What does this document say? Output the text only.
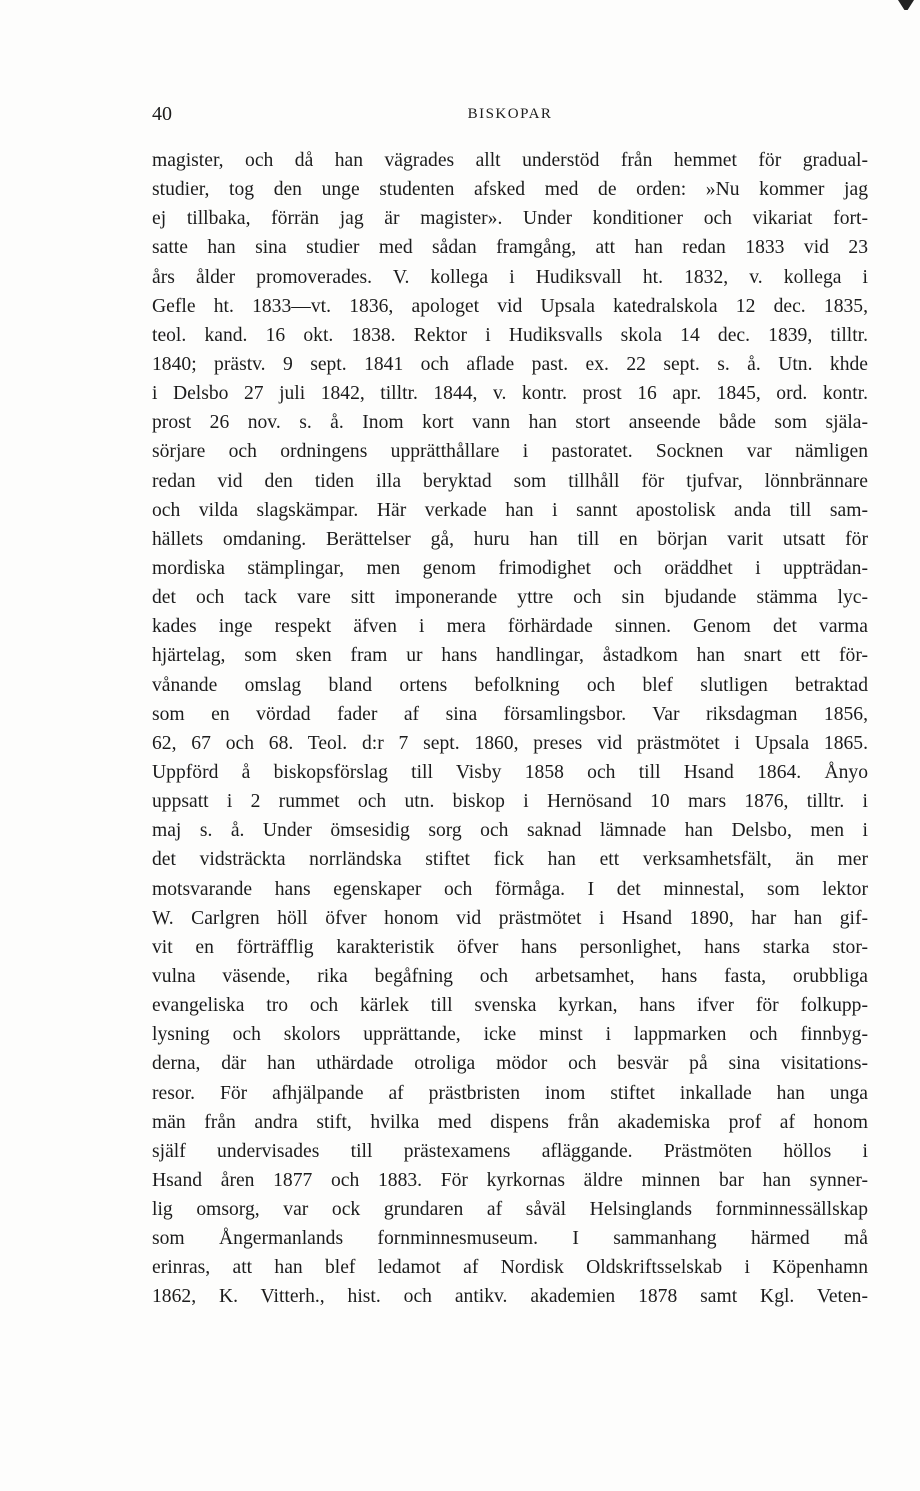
40	BISKOPAR
magister, och då han vägrades allt understöd från hemmet för gradual-
studier, tog den unge studenten afsked med de orden: »Nu kommer jag
ej tillbaka, förrän jag är magister». Under konditioner och vikariat fort-
satte han sina studier med sådan framgång, att han redan 1833 vid 23
års ålder promoverades. V. kollega i Hudiksvall ht. 1832, v. kollega i
Gefle ht. 1833—vt. 1836, apologet vid Upsala katedralskola 12 dec. 1835,
teol. kand. 16 okt. 1838. Rektor i Hudiksvalls skola 14 dec. 1839, tilltr.
1840; prästv. 9 sept. 1841 och aflade past. ex. 22 sept. s. å. Utn. khde
i Delsbo 27 juli 1842, tilltr. 1844, v. kontr. prost 16 apr. 1845, ord. kontr.
prost 26 nov. s. å. Inom kort vann han stort anseende både som själa-
sörjare och ordningens upprätthållare i pastoratet. Socknen var nämligen
redan vid den tiden illa beryktad som tillhåll för tjufvar, lönnbrännare
och vilda slagskämpar. Här verkade han i sannt apostolisk anda till sam-
hällets omdaning. Berättelser gå, huru han till en början varit utsatt för
mordiska stämplingar, men genom frimodighet och oräddhet i uppträdan-
det och tack vare sitt imponerande yttre och sin bjudande stämma lyc-
kades inge respekt äfven i mera förhärdade sinnen. Genom det varma
hjärtelag, som sken fram ur hans handlingar, åstadkom han snart ett för-
vånande omslag bland ortens befolkning och blef slutligen betraktad
som en vördad fader af sina församlingsbor. Var riksdagman 1856,
62, 67 och 68. Teol. d:r 7 sept. 1860, preses vid prästmötet i Upsala 1865.
Uppförd å biskopsförslag till Visby 1858 och till Hsand 1864. Ånyo
uppsatt i 2 rummet och utn. biskop i Hernösand 10 mars 1876, tilltr. i
maj s. å. Under ömsesidig sorg och saknad lämnade han Delsbo, men i
det vidsträckta norrländska stiftet fick han ett verksamhetsfält, än mer
motsvarande hans egenskaper och förmåga. I det minnestal, som lektor
W. Carlgren höll öfver honom vid prästmötet i Hsand 1890, har han gif-
vit en förträfflig karakteristik öfver hans personlighet, hans starka stor-
vulna väsende, rika begåfning och arbetsamhet, hans fasta, orubbliga
evangeliska tro och kärlek till svenska kyrkan, hans ifver för folkupp-
lysning och skolors upprättande, icke minst i lappmarken och finnbyg-
derna, där han uthärdade otroliga mödor och besvär på sina visitations-
resor. För afhjälpande af prästbristen inom stiftet inkallade han unga
män från andra stift, hvilka med dispens från akademiska prof af honom
själf undervisades till prästexamens afläggande. Prästmöten höllos i
Hsand åren 1877 och 1883. För kyrkornas äldre minnen bar han synner-
lig omsorg, var ock grundaren af såväl Helsinglands fornminnessällskap
som Ångermanlands fornminnesmuseum. I sammanhang härmed må
erinras, att han blef ledamot af Nordisk Oldskriftsselskab i Köpenhamn
1862, K. Vitterh., hist. och antikv. akademien 1878 samt Kgl. Veten-
